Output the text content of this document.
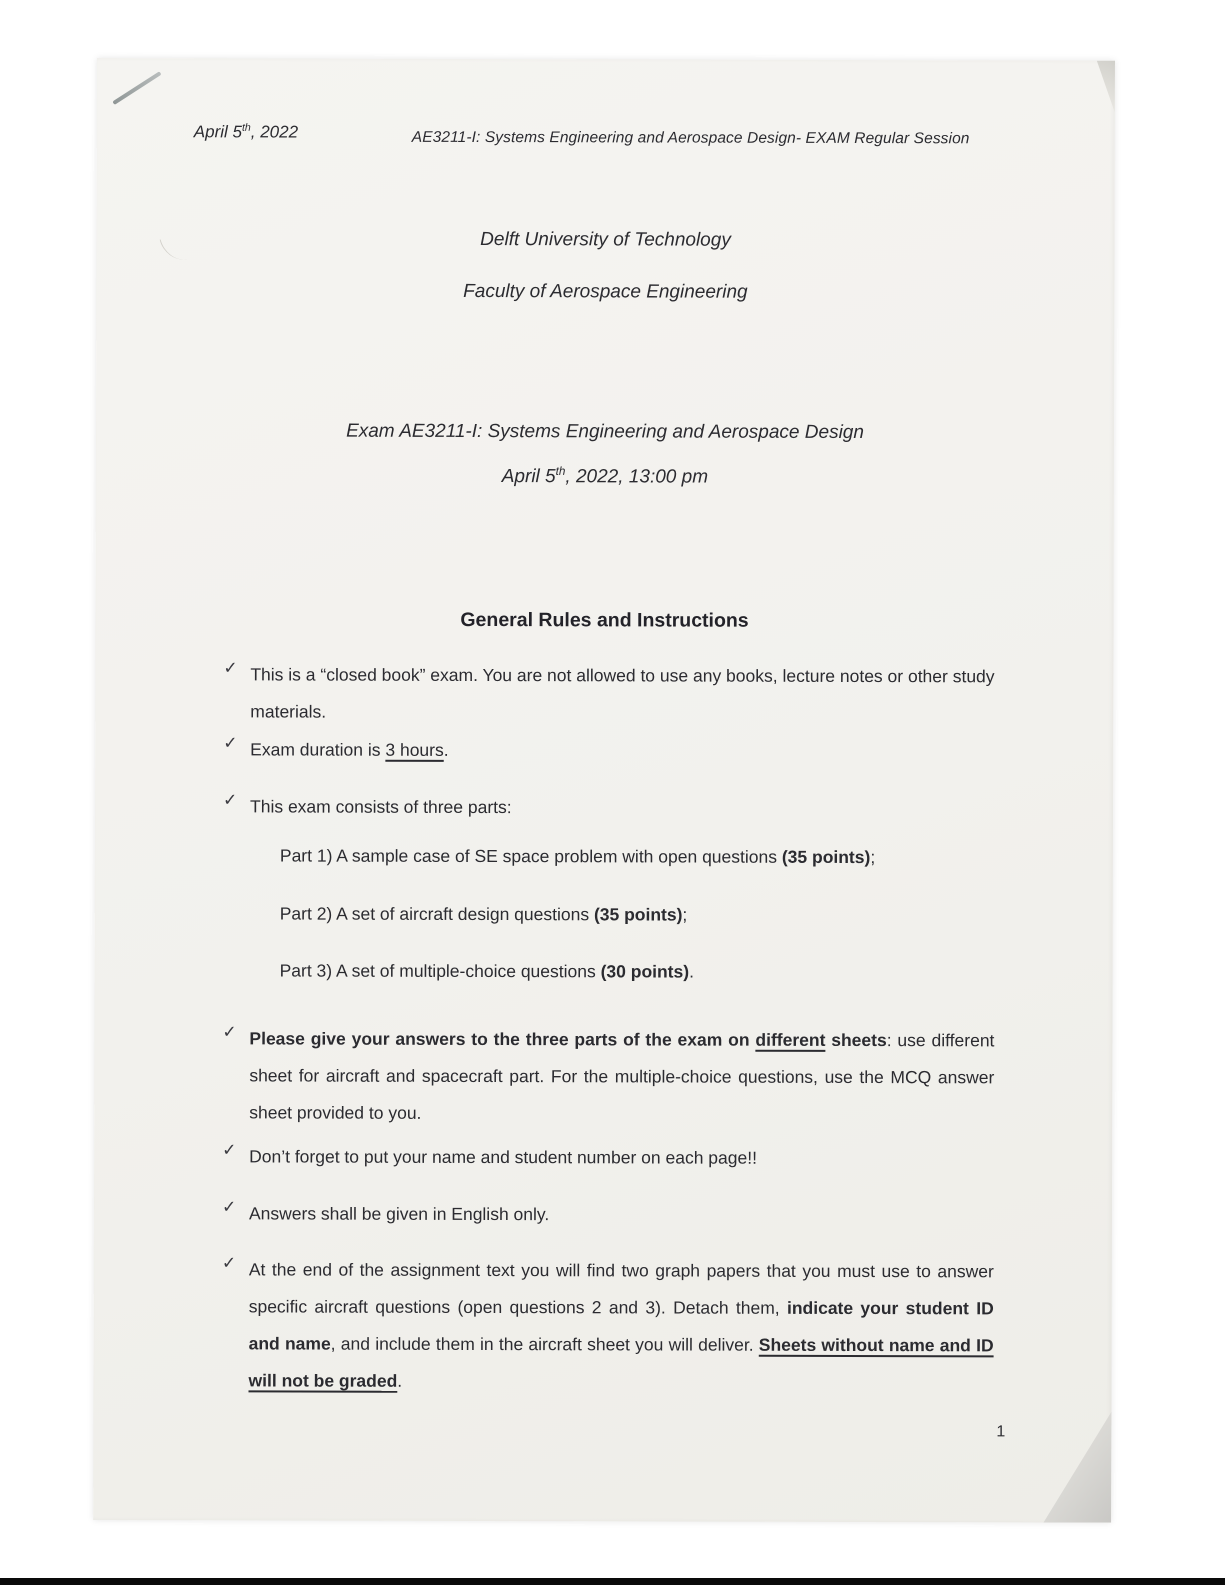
April 5th, 2022	AE3211-I: Systems Engineering and Aerospace Design- EXAM Regular Session
Delft University of Technology
Faculty of Aerospace Engineering
Exam AE3211-I: Systems Engineering and Aerospace Design
April 5th, 2022, 13:00 pm
General Rules and Instructions
✓ This is a “closed book” exam. You are not allowed to use any books, lecture notes or other study materials.

✓ Exam duration is 3 hours.

✓ This exam consists of three parts:

Part 1) A sample case of SE space problem with open questions (35 points);
Part 2) A set of aircraft design questions (35 points);
Part 3) A set of multiple-choice questions (30 points).
✓ Please give your answers to the three parts of the exam on different sheets: use different sheet for aircraft and spacecraft part. For the multiple-choice questions, use the MCQ answer sheet provided to you.

✓ Don’t forget to put your name and student number on each page!!

✓ Answers shall be given in English only.

✓ At the end of the assignment text you will find two graph papers that you must use to answer specific aircraft questions (open questions 2 and 3). Detach them, indicate your student ID and name, and include them in the aircraft sheet you will deliver. Sheets without name and ID will not be graded.

1
